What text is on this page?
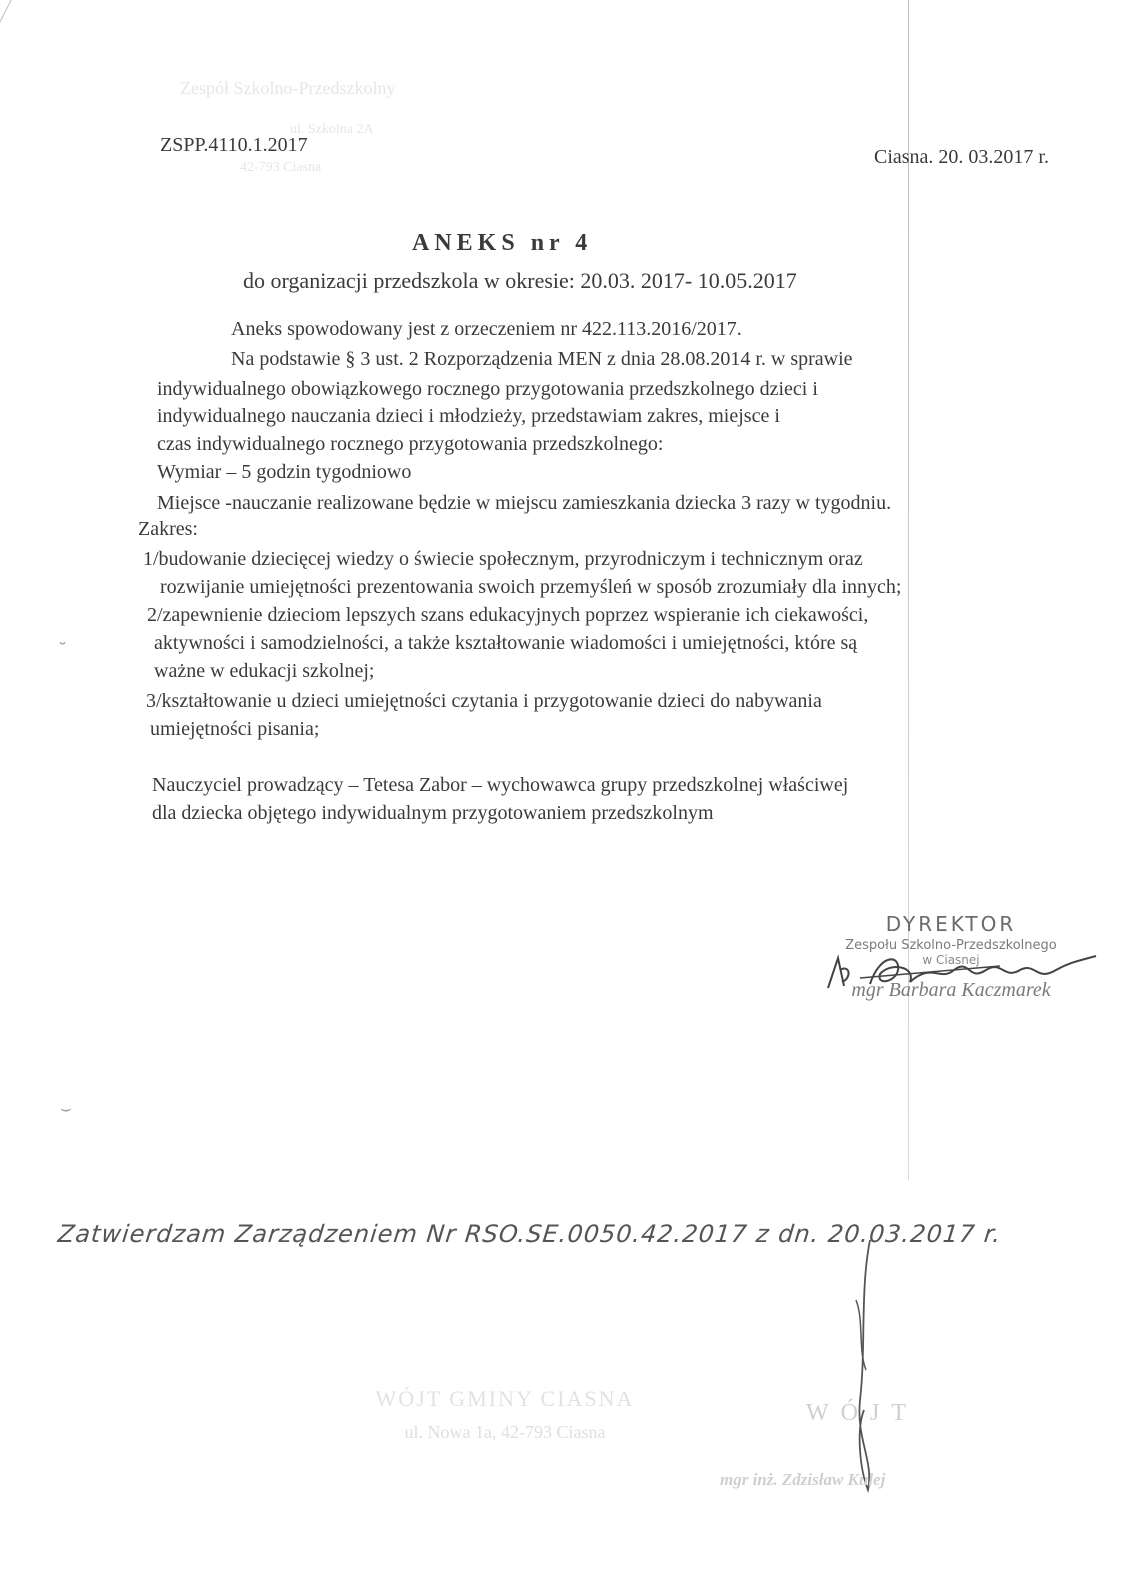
˘
⌣
Zespół Szkolno-Przedszkolny
ul. Szkolna 2A
42-793 Ciasna
ZSPP.4110.1.2017
Ciasna. 20. 03.2017 r.
ANEKS nr 4
do organizacji przedszkola w okresie: 20.03. 2017- 10.05.2017
Aneks spowodowany jest z orzeczeniem nr 422.113.2016/2017.
Na podstawie § 3 ust. 2 Rozporządzenia MEN z dnia 28.08.2014 r. w sprawie
indywidualnego obowiązkowego rocznego przygotowania przedszkolnego dzieci i
indywidualnego nauczania dzieci i młodzieży, przedstawiam zakres, miejsce i
czas indywidualnego rocznego przygotowania przedszkolnego:
Wymiar – 5 godzin tygodniowo
Miejsce -nauczanie realizowane będzie w miejscu zamieszkania dziecka 3 razy w tygodniu.
Zakres:
1/budowanie dziecięcej wiedzy o świecie społecznym, przyrodniczym i technicznym oraz
rozwijanie umiejętności prezentowania swoich przemyśleń w sposób zrozumiały dla innych;
2/zapewnienie dzieciom lepszych szans edukacyjnych poprzez wspieranie ich ciekawości,
aktywności i samodzielności, a także kształtowanie wiadomości i umiejętności, które są
ważne w edukacji szkolnej;
3/kształtowanie u dzieci umiejętności czytania i przygotowanie dzieci do nabywania
umiejętności pisania;
Nauczyciel prowadzący – Tetesa Zabor – wychowawca grupy przedszkolnej właściwej
dla dziecka objętego indywidualnym przygotowaniem przedszkolnym
DYREKTOR
Zespołu Szkolno-Przedszkolnego
w Ciasnej
mgr Barbara Kaczmarek
Zatwierdzam Zarządzeniem Nr RSO.SE.0050.42.2017 z dn. 20.03.2017 r.
WÓJT GMINY CIASNA
ul. Nowa 1a, 42-793 Ciasna
WÓJT
mgr inż. Zdzisław Kulej
